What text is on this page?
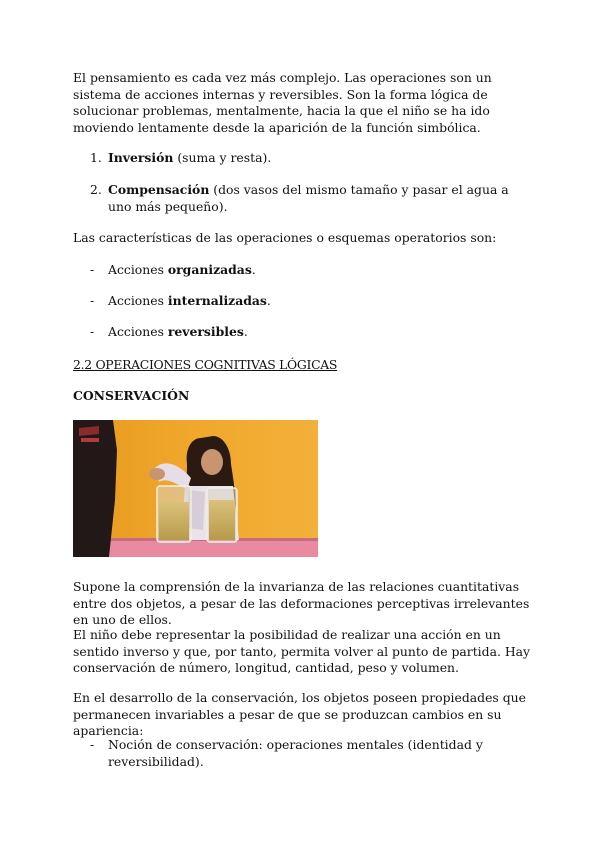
El pensamiento es cada vez más complejo. Las operaciones son un sistema de acciones internas y reversibles. Son la forma lógica de solucionar problemas, mentalmente, hacia la que el niño se ha ido moviendo lentamente desde la aparición de la función simbólica.

1. Inversión (suma y resta).
2. Compensación (dos vasos del mismo tamaño y pasar el agua a uno más pequeño).

Las características de las operaciones o esquemas operatorios son:

- Acciones organizadas.
- Acciones internalizadas.
- Acciones reversibles.

2.2 OPERACIONES COGNITIVAS LÓGICAS

CONSERVACIÓN

Supone la comprensión de la invarianza de las relaciones cuantitativas entre dos objetos, a pesar de las deformaciones perceptivas irrelevantes en uno de ellos.

El niño debe representar la posibilidad de realizar una acción en un sentido inverso y que, por tanto, permita volver al punto de partida. Hay conservación de número, longitud, cantidad, peso y volumen.

En el desarrollo de la conservación, los objetos poseen propiedades que permanecen invariables a pesar de que se produzcan cambios en su apariencia:

- Noción de conservación: operaciones mentales (identidad y reversibilidad).
